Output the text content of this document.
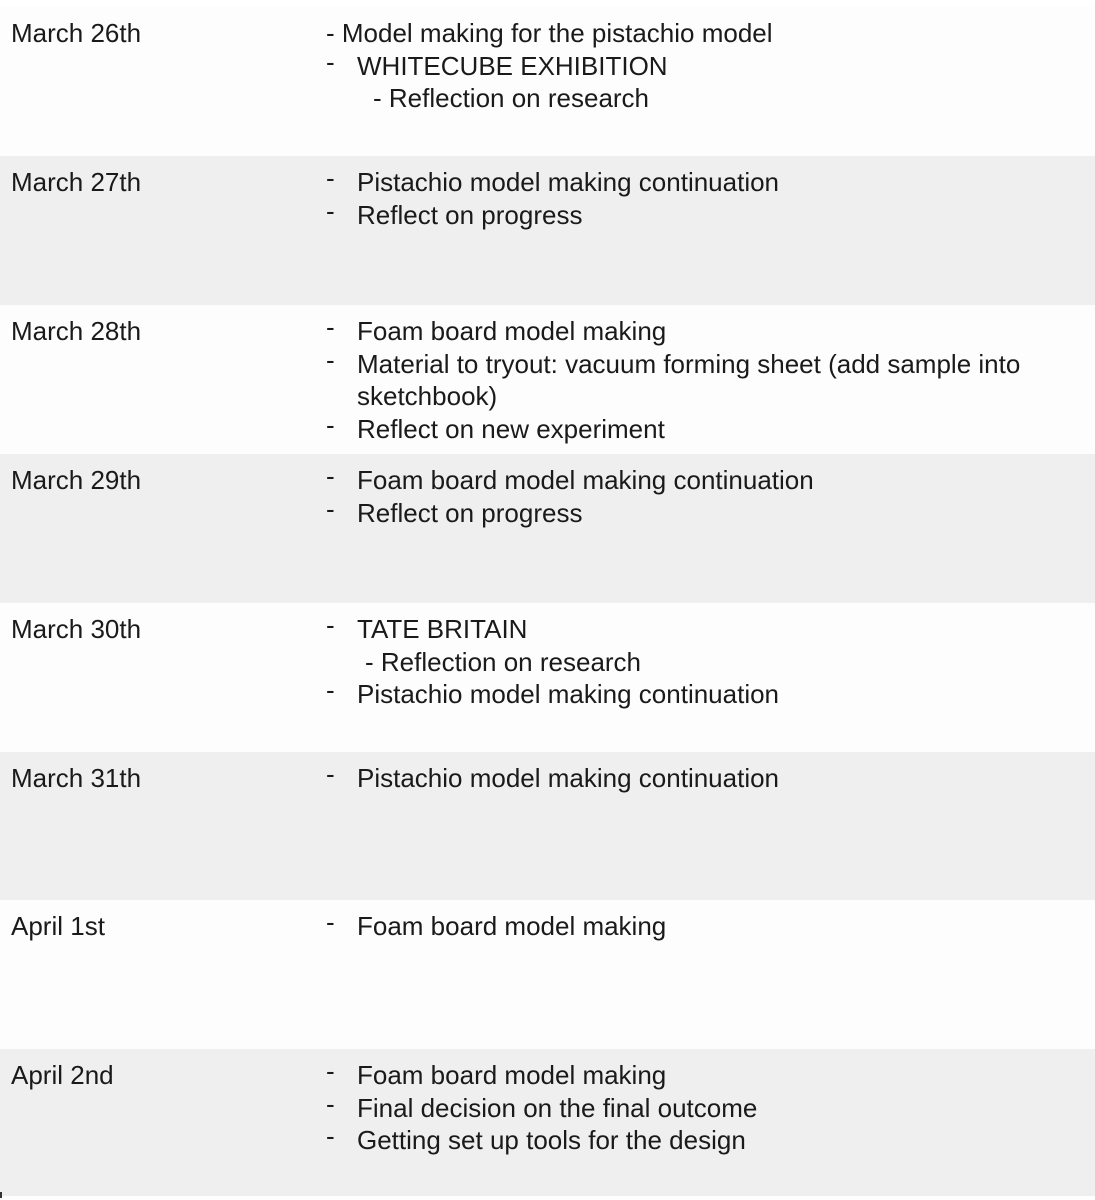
March 26th	- Model making for the pistachio model
- WHITECUBE EXHIBITION
- Reflection on research
March 27th	- Pistachio model making continuation
- Reflect on progress
March 28th	- Foam board model making
- Material to tryout: vacuum forming sheet (add sample into sketchbook)
- Reflect on new experiment
March 29th	- Foam board model making continuation
- Reflect on progress
March 30th	- TATE BRITAIN
- Reflection on research
- Pistachio model making continuation
March 31th	- Pistachio model making continuation
April 1st	- Foam board model making
April 2nd	- Foam board model making
- Final decision on the final outcome
- Getting set up tools for the design
